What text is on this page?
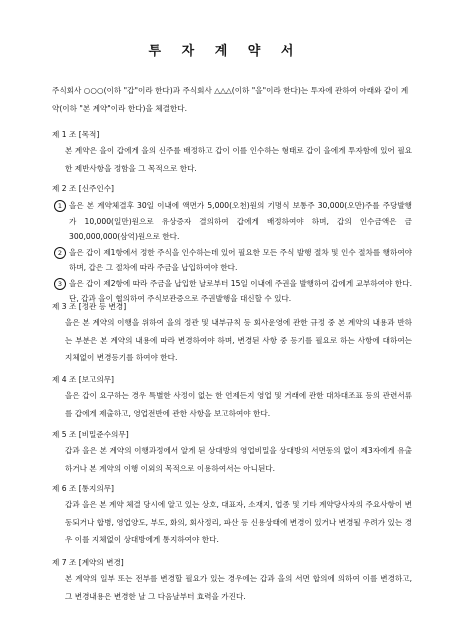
투 자 계 약 서
주식회사 ○○○(이하 "갑"이라 한다)과 주식회사 △△△(이하 "을"이라 한다)는 투자에 관하여 아래와 같이 계약(이하 "본 계약"이라 한다)을 체결한다.
제 1 조 [목적]
본 계약은 을이 갑에게 을의 신주를 배정하고 갑이 이를 인수하는 형태로 갑이 을에게 투자함에 있어 필요한 제반사항을 정함을 그 목적으로 한다.
제 2 조 [신주인수]
1 을은 본 계약체결후 30일 이내에 액면가 5,000(오천)원의 기명식 보통주 30,000(오만)주를 주당발행가 10,000(일만)원으로 유상증자 결의하여 갑에게 배정하여야 하며, 갑의 인수금액은 금300,000,000(삼억)원으로 한다.
2 을은 갑이 제1항에서 정한 주식을 인수하는데 있어 필요한 모든 주식 발행 절차 및 인수 절차를 행하여야 하며, 갑은 그 절차에 따라 주금을 납입하여야 한다.
3 을은 갑이 제2항에 따라 주금을 납입한 날로부터 15일 이내에 주권을 발행하여 갑에게 교부하여야 한다. 단, 갑과 을이 협의하여 주식보관증으로 주권발행을 대신할 수 있다.
제 3 조 [정관 등 변경]
을은 본 계약의 이행을 위하여 을의 정관 및 내부규칙 등 회사운영에 관한 규정 중 본 계약의 내용과 반하는 부분은 본 계약의 내용에 따라 변경하여야 하며, 변경된 사항 중 등기를 필요로 하는 사항에 대하여는 지체없이 변경등기를 하여야 한다.
제 4 조 [보고의무]
을은 갑이 요구하는 경우 특별한 사정이 없는 한 언제든지 영업 및 거래에 관한 대차대조표 등의 관련서류를 갑에게 제출하고, 영업전반에 관한 사항을 보고하여야 한다.
제 5 조 [비밀준수의무]
갑과 을은 본 계약의 이행과정에서 알게 된 상대방의 영업비밀을 상대방의 서면동의 없이 제3자에게 유출하거나 본 계약의 이행 이외의 목적으로 이용하여서는 아니된다.
제 6 조 [통지의무]
갑과 을은 본 계약 체결 당시에 알고 있는 상호, 대표자, 소재지, 업종 및 기타 계약당사자의 주요사항이 변동되거나 합병, 영업양도, 부도, 화의, 회사정리, 파산 등 신용상태에 변경이 있거나 변경될 우려가 있는 경우 이를 지체없이 상대방에게 통지하여야 한다.
제 7 조 [계약의 변경]
본 계약의 일부 또는 전부를 변경할 필요가 있는 경우에는 갑과 을의 서면 합의에 의하여 이를 변경하고, 그 변경내용은 변경한 날 그 다음날부터 효력을 가진다.
